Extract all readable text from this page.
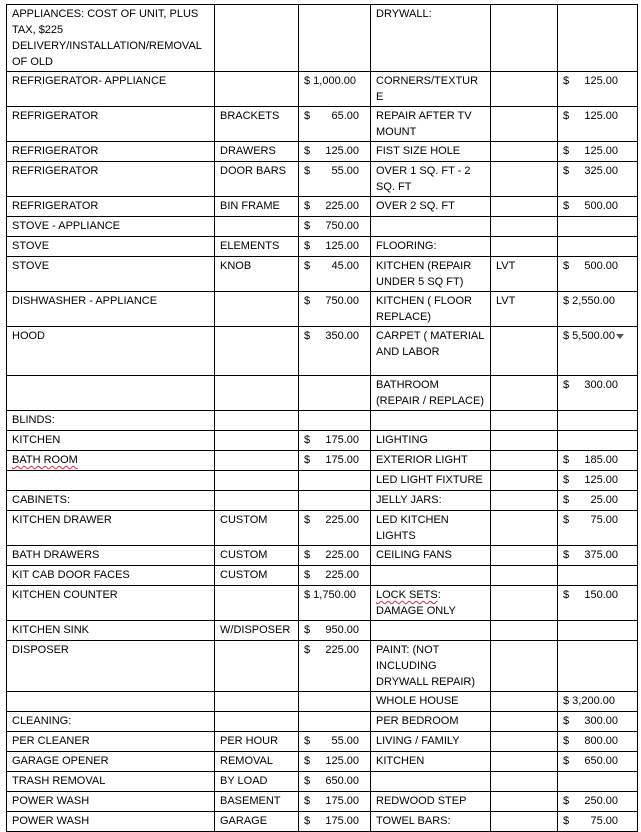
APPLIANCES: COST OF UNIT, PLUS TAX, $225 DELIVERY/INSTALLATION/REMOVAL OF OLD			DRYWALL:		
REFRIGERATOR- APPLIANCE		$ 1,000.00	CORNERS/TEXTURE		$     125.00
REFRIGERATOR	BRACKETS	$       65.00	REPAIR AFTER TV MOUNT		$     125.00
REFRIGERATOR	DRAWERS	$     125.00	FIST SIZE HOLE		$     125.00
REFRIGERATOR	DOOR BARS	$       55.00	OVER 1 SQ. FT - 2 SQ. FT		$     325.00
REFRIGERATOR	BIN FRAME	$     225.00	OVER 2 SQ. FT		$     500.00
STOVE - APPLIANCE		$     750.00			
STOVE	ELEMENTS	$     125.00	FLOORING:		
STOVE	KNOB	$       45.00	KITCHEN (REPAIR UNDER 5 SQ FT)	LVT	$     500.00
DISHWASHER - APPLIANCE		$     750.00	KITCHEN ( FLOOR REPLACE)	LVT	$ 2,550.00
HOOD		$     350.00	CARPET ( MATERIAL AND LABOR		$ 5,500.00
			BATHROOM (REPAIR / REPLACE)		$     300.00
BLINDS:					
KITCHEN		$     175.00	LIGHTING		
BATH ROOM		$     175.00	EXTERIOR LIGHT		$     185.00
			LED LIGHT FIXTURE		$     125.00
CABINETS:			JELLY JARS:		$       25.00
KITCHEN DRAWER	CUSTOM	$     225.00	LED KITCHEN LIGHTS		$       75.00
BATH DRAWERS	CUSTOM	$     225.00	CEILING FANS		$     375.00
KIT CAB DOOR FACES	CUSTOM	$     225.00			
KITCHEN COUNTER		$ 1,750.00	LOCK SETS: DAMAGE ONLY		$     150.00
KITCHEN SINK	W/DISPOSER	$     950.00			
DISPOSER		$     225.00	PAINT: (NOT INCLUDING DRYWALL REPAIR)		
			WHOLE HOUSE		$ 3,200.00
CLEANING:			PER BEDROOM		$     300.00
PER CLEANER	PER HOUR	$       55.00	LIVING / FAMILY		$     800.00
GARAGE OPENER	REMOVAL	$     125.00	KITCHEN		$     650.00
TRASH REMOVAL	BY LOAD	$     650.00			
POWER WASH	BASEMENT	$     175.00	REDWOOD STEP		$     250.00
POWER WASH	GARAGE	$     175.00	TOWEL BARS:		$       75.00
